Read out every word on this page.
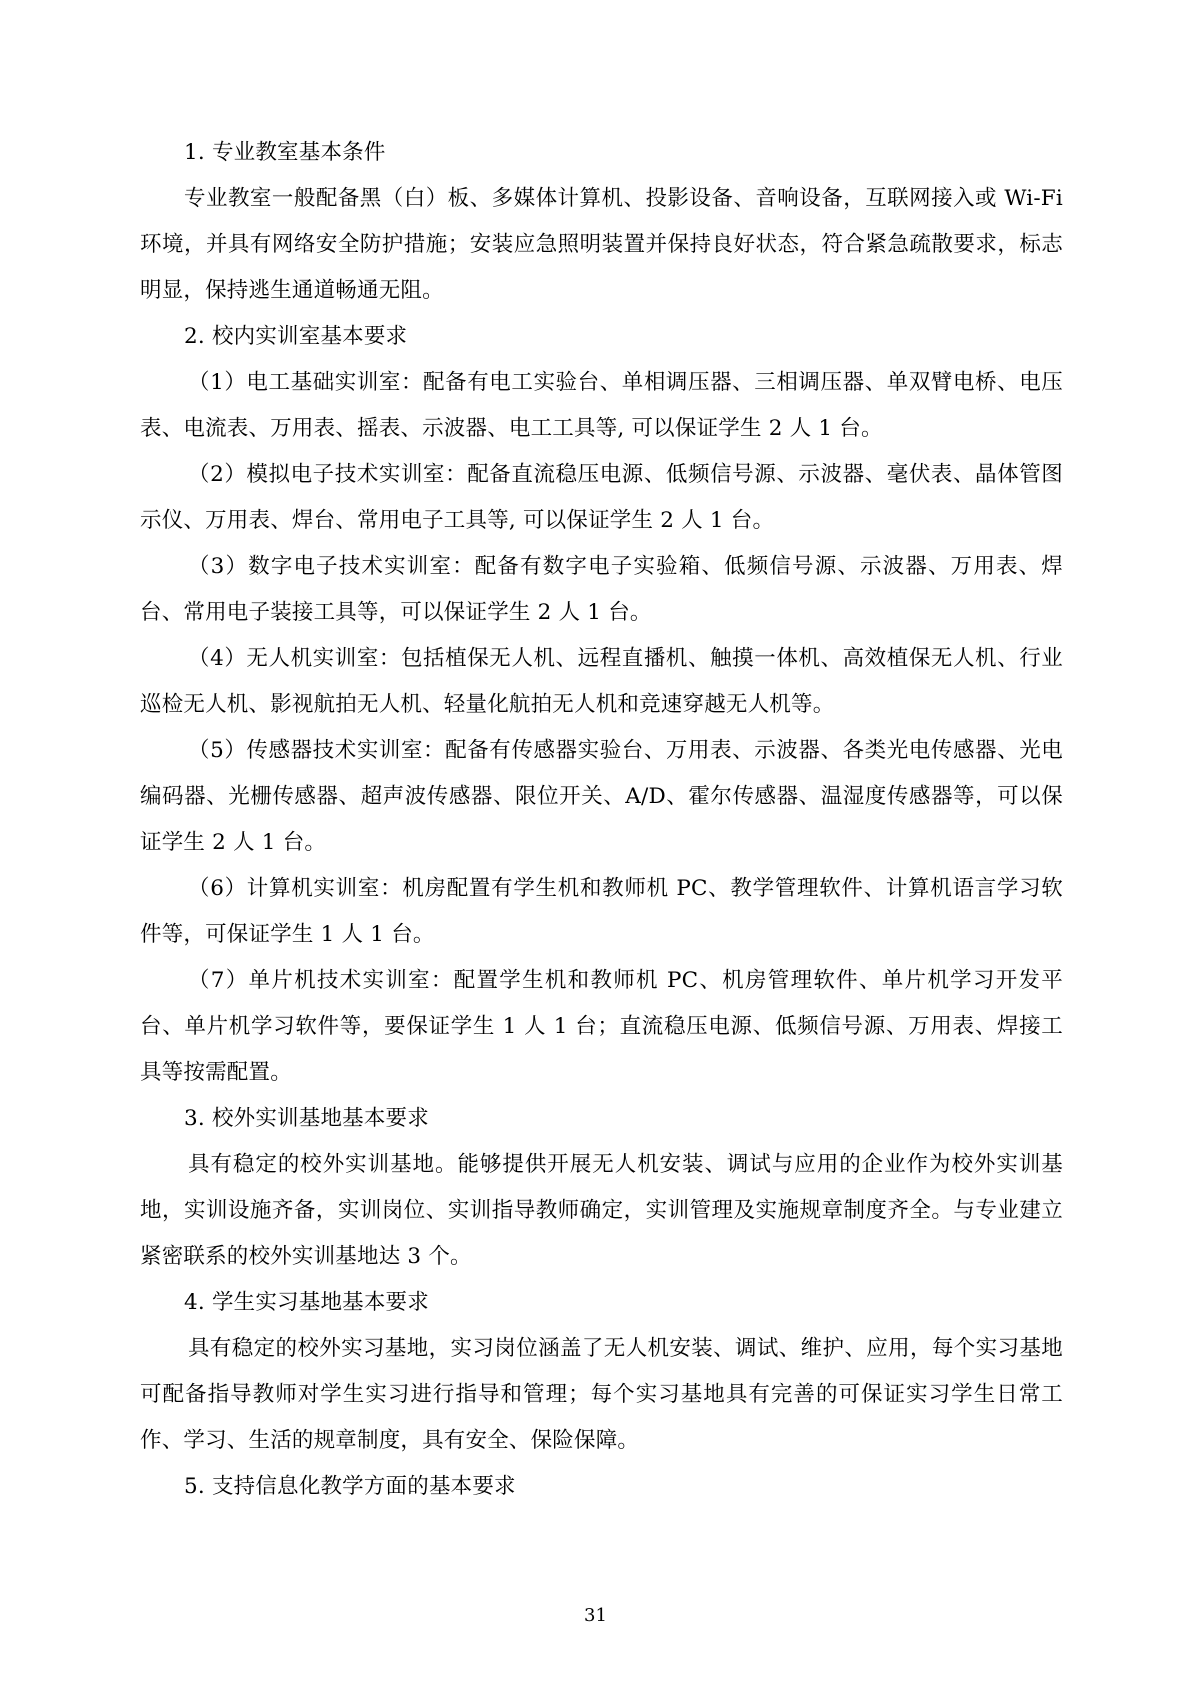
1. 专业教室基本条件

专业教室一般配备黑（白）板、多媒体计算机、投影设备、音响设备，互联网接入或 Wi-Fi 环境，并具有网络安全防护措施；安装应急照明装置并保持良好状态，符合紧急疏散要求，标志明显，保持逃生通道畅通无阻。

2. 校内实训室基本要求

（1）电工基础实训室：配备有电工实验台、单相调压器、三相调压器、单双臂电桥、电压表、电流表、万用表、摇表、示波器、电工工具等, 可以保证学生 2 人 1 台。

（2）模拟电子技术实训室：配备直流稳压电源、低频信号源、示波器、毫伏表、晶体管图示仪、万用表、焊台、常用电子工具等, 可以保证学生 2 人 1 台。

（3）数字电子技术实训室：配备有数字电子实验箱、低频信号源、示波器、万用表、焊台、常用电子装接工具等，可以保证学生 2 人 1 台。

（4）无人机实训室：包括植保无人机、远程直播机、触摸一体机、高效植保无人机、行业巡检无人机、影视航拍无人机、轻量化航拍无人机和竞速穿越无人机等。

（5）传感器技术实训室：配备有传感器实验台、万用表、示波器、各类光电传感器、光电编码器、光栅传感器、超声波传感器、限位开关、A/D、霍尔传感器、温湿度传感器等，可以保证学生 2 人 1 台。

（6）计算机实训室：机房配置有学生机和教师机 PC、教学管理软件、计算机语言学习软件等，可保证学生 1 人 1 台。

（7）单片机技术实训室：配置学生机和教师机 PC、机房管理软件、单片机学习开发平台、单片机学习软件等，要保证学生 1 人 1 台；直流稳压电源、低频信号源、万用表、焊接工具等按需配置。

3. 校外实训基地基本要求

具有稳定的校外实训基地。能够提供开展无人机安装、调试与应用的企业作为校外实训基地，实训设施齐备，实训岗位、实训指导教师确定，实训管理及实施规章制度齐全。与专业建立紧密联系的校外实训基地达 3 个。

4. 学生实习基地基本要求

具有稳定的校外实习基地，实习岗位涵盖了无人机安装、调试、维护、应用，每个实习基地可配备指导教师对学生实习进行指导和管理；每个实习基地具有完善的可保证实习学生日常工作、学习、生活的规章制度，具有安全、保险保障。

5. 支持信息化教学方面的基本要求

31
